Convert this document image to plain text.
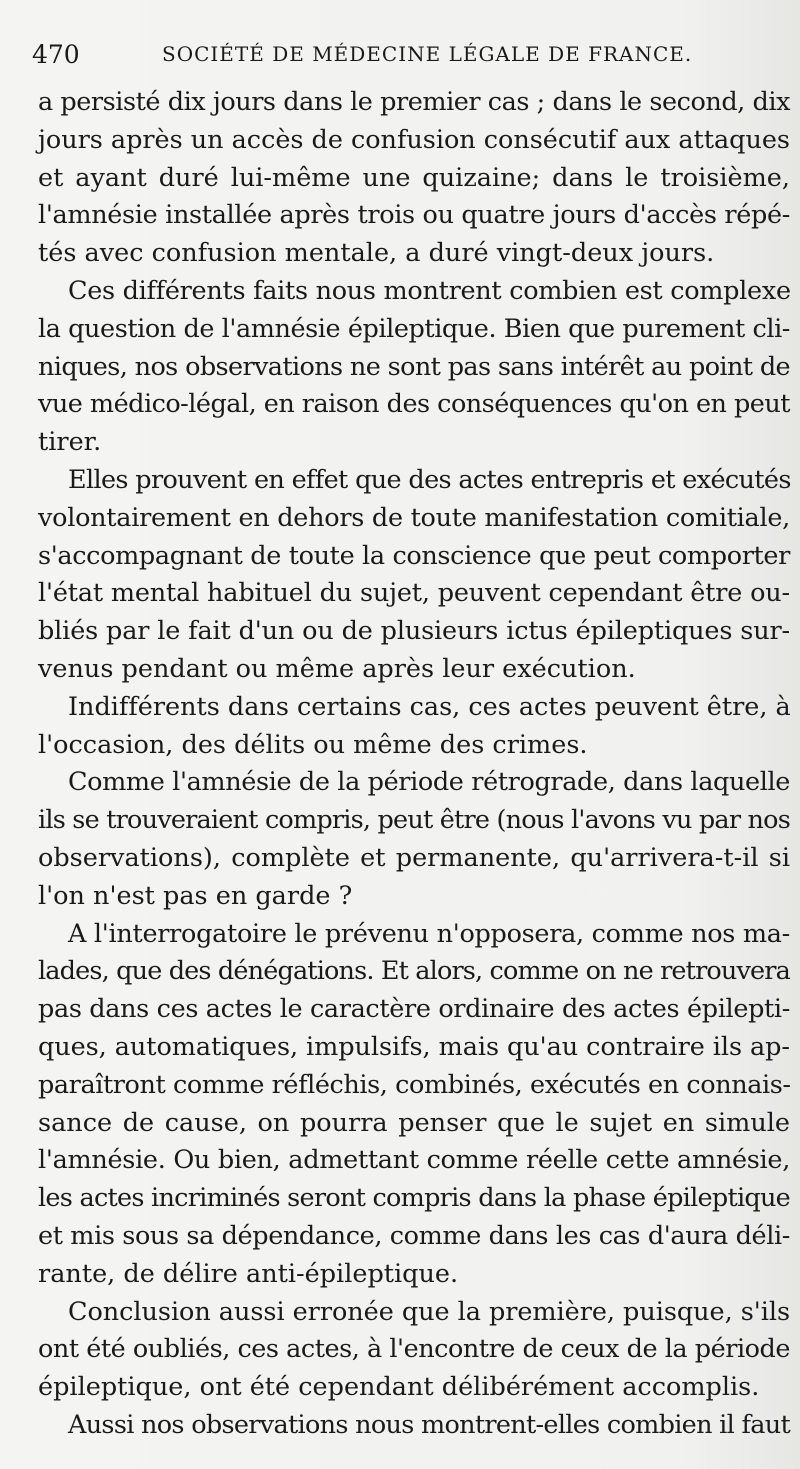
470	SOCIÉTÉ DE MÉDECINE LÉGALE DE FRANCE.
a persisté dix jours dans le premier cas ; dans le second, dix
jours après un accès de confusion consécutif aux attaques
et ayant duré lui-même une quizaine; dans le troisième,
l'amnésie installée après trois ou quatre jours d'accès répé-
tés avec confusion mentale, a duré vingt-deux jours.
Ces différents faits nous montrent combien est complexe
la question de l'amnésie épileptique. Bien que purement cli-
niques, nos observations ne sont pas sans intérêt au point de
vue médico-légal, en raison des conséquences qu'on en peut
tirer.
Elles prouvent en effet que des actes entrepris et exécutés
volontairement en dehors de toute manifestation comitiale,
s'accompagnant de toute la conscience que peut comporter
l'état mental habituel du sujet, peuvent cependant être ou-
bliés par le fait d'un ou de plusieurs ictus épileptiques sur-
venus pendant ou même après leur exécution.
Indifférents dans certains cas, ces actes peuvent être, à
l'occasion, des délits ou même des crimes.
Comme l'amnésie de la période rétrograde, dans laquelle
ils se trouveraient compris, peut être (nous l'avons vu par nos
observations), complète et permanente, qu'arrivera-t-il si
l'on n'est pas en garde ?
A l'interrogatoire le prévenu n'opposera, comme nos ma-
lades, que des dénégations. Et alors, comme on ne retrouvera
pas dans ces actes le caractère ordinaire des actes épilepti-
ques, automatiques, impulsifs, mais qu'au contraire ils ap-
paraîtront comme réfléchis, combinés, exécutés en connais-
sance de cause, on pourra penser que le sujet en simule
l'amnésie. Ou bien, admettant comme réelle cette amnésie,
les actes incriminés seront compris dans la phase épileptique
et mis sous sa dépendance, comme dans les cas d'aura déli-
rante, de délire anti-épileptique.
Conclusion aussi erronée que la première, puisque, s'ils
ont été oubliés, ces actes, à l'encontre de ceux de la période
épileptique, ont été cependant délibérément accomplis.
Aussi nos observations nous montrent-elles combien il faut
